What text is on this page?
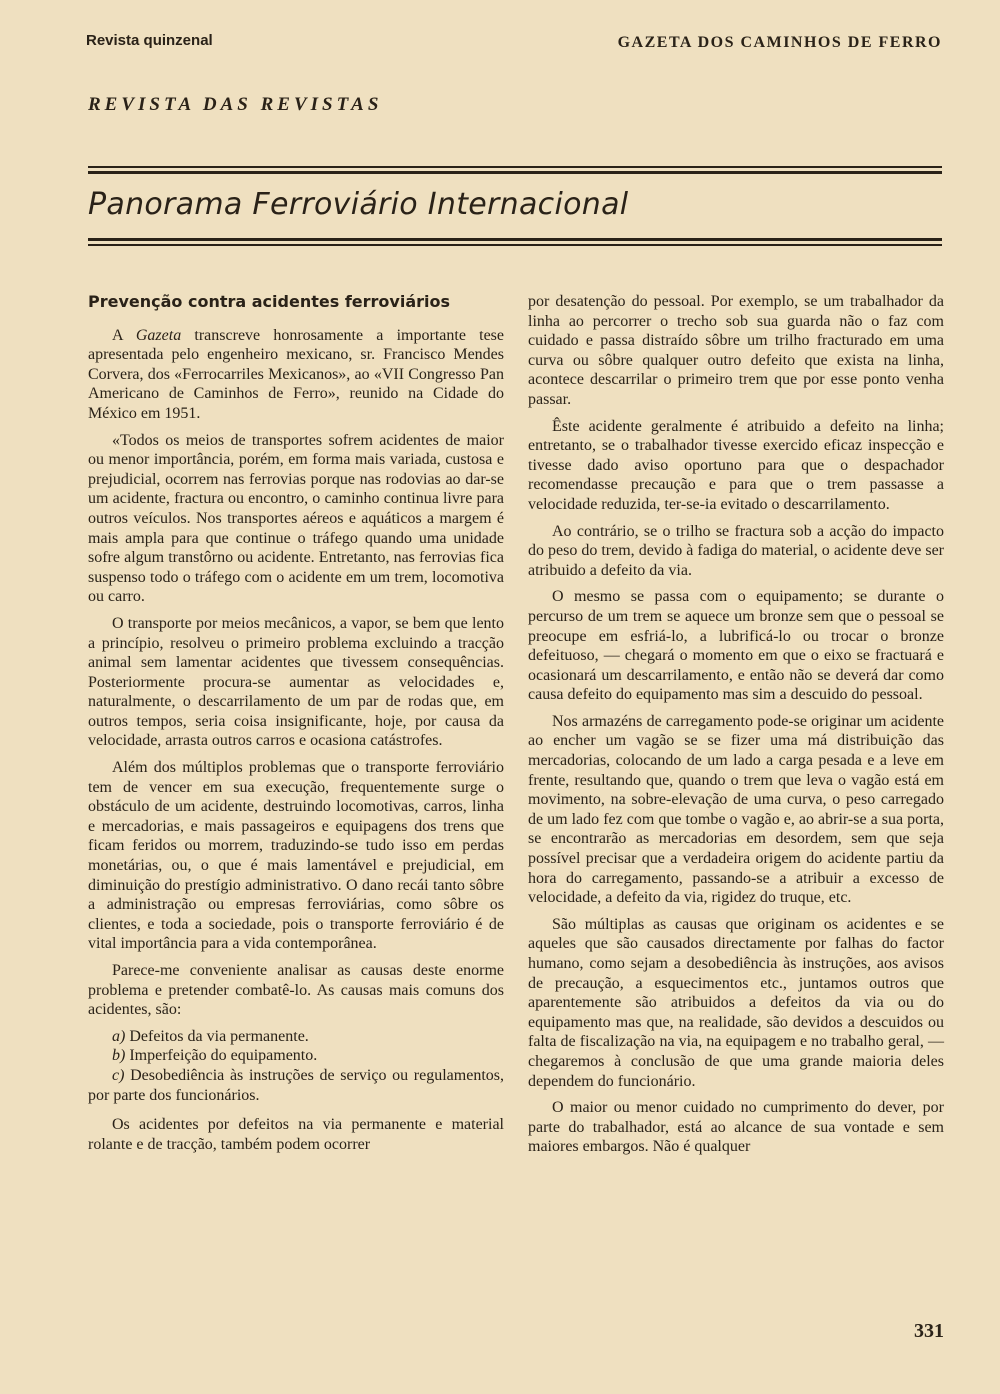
Revista quinzenal	GAZETA DOS CAMINHOS DE FERRO
REVISTA DAS REVISTAS
Panorama Ferroviário Internacional
Prevenção contra acidentes ferroviários

A Gazeta transcreve honrosamente a importante tese apresentada pelo engenheiro mexicano, sr. Francisco Mendes Corvera, dos «Ferrocarriles Mexicanos», ao «VII Congresso Pan Americano de Caminhos de Ferro», reunido na Cidade do México em 1951.

«Todos os meios de transportes sofrem acidentes de maior ou menor importância, porém, em forma mais variada, custosa e prejudicial, ocorrem nas ferrovias porque nas rodovias ao dar-se um acidente, fractura ou encontro, o caminho continua livre para outros veículos. Nos transportes aéreos e aquáticos a margem é mais ampla para que continue o tráfego quando uma unidade sofre algum transtôrno ou acidente. Entretanto, nas ferrovias fica suspenso todo o tráfego com o acidente em um trem, locomotiva ou carro.

O transporte por meios mecânicos, a vapor, se bem que lento a princípio, resolveu o primeiro problema excluindo a tracção animal sem lamentar acidentes que tivessem consequências. Posteriormente procura-se aumentar as velocidades e, naturalmente, o descarrilamento de um par de rodas que, em outros tempos, seria coisa insignificante, hoje, por causa da velocidade, arrasta outros carros e ocasiona catástrofes.

Além dos múltiplos problemas que o transporte ferroviário tem de vencer em sua execução, frequentemente surge o obstáculo de um acidente, destruindo locomotivas, carros, linha e mercadorias, e mais passageiros e equipagens dos trens que ficam feridos ou morrem, traduzindo-se tudo isso em perdas monetárias, ou, o que é mais lamentável e prejudicial, em diminuição do prestígio administrativo. O dano recái tanto sôbre a administração ou empresas ferroviárias, como sôbre os clientes, e toda a sociedade, pois o transporte ferroviário é de vital importância para a vida contemporânea.

Parece-me conveniente analisar as causas deste enorme problema e pretender combatê-lo. As causas mais comuns dos acidentes, são:

a) Defeitos da via permanente.

b) Imperfeição do equipamento.

c) Desobediência às instruções de serviço ou regulamentos, por parte dos funcionários.

Os acidentes por defeitos na via permanente e material rolante e de tracção, também podem ocorrer

por desatenção do pessoal. Por exemplo, se um trabalhador da linha ao percorrer o trecho sob sua guarda não o faz com cuidado e passa distraído sôbre um trilho fracturado em uma curva ou sôbre qualquer outro defeito que exista na linha, acontece descarrilar o primeiro trem que por esse ponto venha passar.

Êste acidente geralmente é atribuido a defeito na linha; entretanto, se o trabalhador tivesse exercido eficaz inspecção e tivesse dado aviso oportuno para que o despachador recomendasse precaução e para que o trem passasse a velocidade reduzida, ter-se-ia evitado o descarrilamento.

Ao contrário, se o trilho se fractura sob a acção do impacto do peso do trem, devido à fadiga do material, o acidente deve ser atribuido a defeito da via.

O mesmo se passa com o equipamento; se durante o percurso de um trem se aquece um bronze sem que o pessoal se preocupe em esfriá-lo, a lubrificá-lo ou trocar o bronze defeituoso, — chegará o momento em que o eixo se fractuará e ocasionará um descarrilamento, e então não se deverá dar como causa defeito do equipamento mas sim a descuido do pessoal.

Nos armazéns de carregamento pode-se originar um acidente ao encher um vagão se se fizer uma má distribuição das mercadorias, colocando de um lado a carga pesada e a leve em frente, resultando que, quando o trem que leva o vagão está em movimento, na sobre-elevação de uma curva, o peso carregado de um lado fez com que tombe o vagão e, ao abrir-se a sua porta, se encontrarão as mercadorias em desordem, sem que seja possível precisar que a verdadeira origem do acidente partiu da hora do carregamento, passando-se a atribuir a excesso de velocidade, a defeito da via, rigidez do truque, etc.

São múltiplas as causas que originam os acidentes e se aqueles que são causados directamente por falhas do factor humano, como sejam a desobediência às instruções, aos avisos de precaução, a esquecimentos etc., juntamos outros que aparentemente são atribuidos a defeitos da via ou do equipamento mas que, na realidade, são devidos a descuidos ou falta de fiscalização na via, na equipagem e no trabalho geral, — chegaremos à conclusão de que uma grande maioria deles dependem do funcionário.

O maior ou menor cuidado no cumprimento do dever, por parte do trabalhador, está ao alcance de sua vontade e sem maiores embargos. Não é qualquer

331
